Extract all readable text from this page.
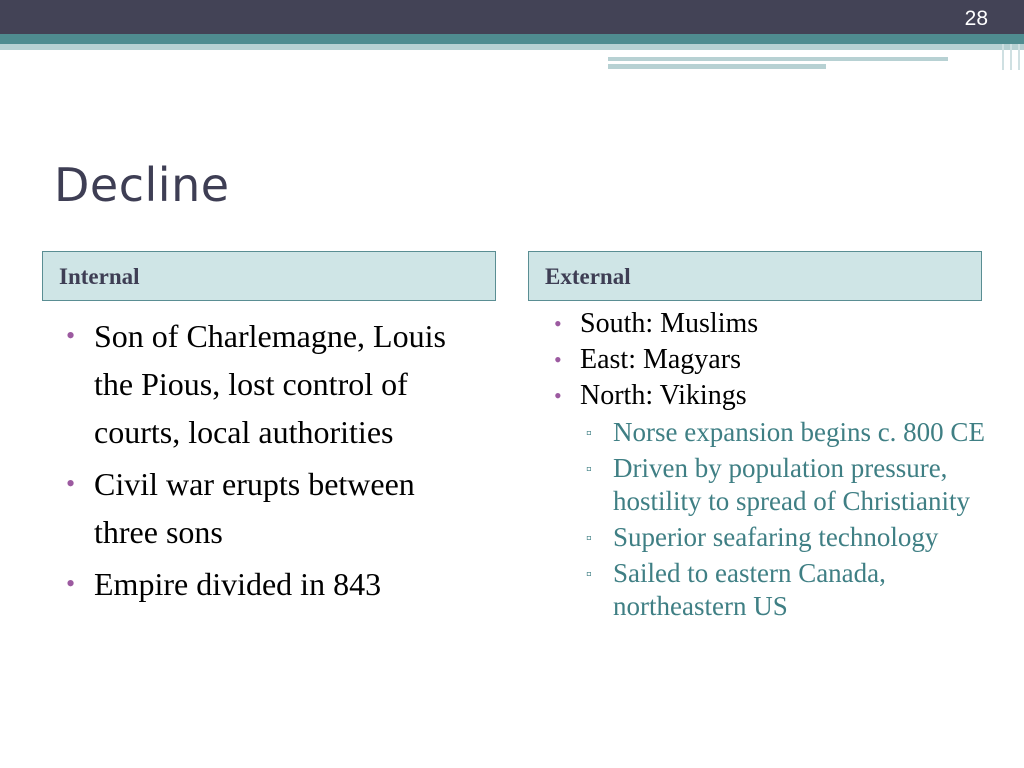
28
Decline
Internal	External
• Son of Charlemagne, Louis the Pious, lost control of courts, local authorities
• Civil war erupts between three sons
• Empire divided in 843
• South: Muslims
• East: Magyars
• North: Vikings
▫ Norse expansion begins c. 800 CE
▫ Driven by population pressure, hostility to spread of Christianity
▫ Superior seafaring technology
▫ Sailed to eastern Canada, northeastern US
